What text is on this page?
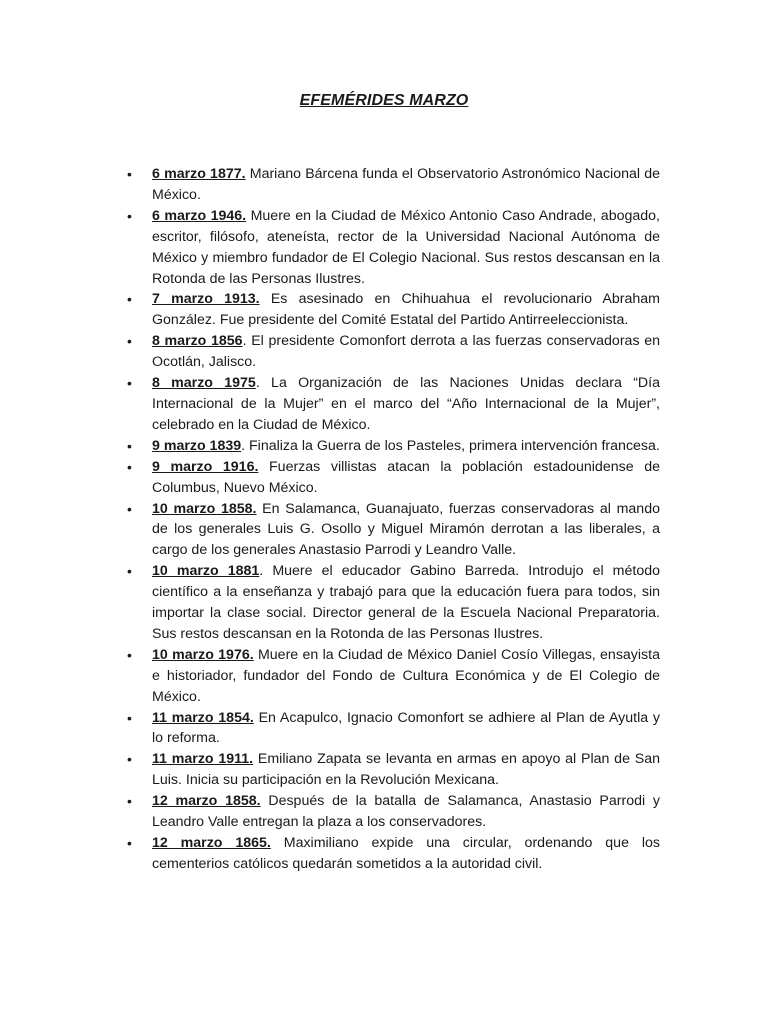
EFEMÉRIDES MARZO
• 6 marzo 1877. Mariano Bárcena funda el Observatorio Astronómico Nacional de México.
• 6 marzo 1946. Muere en la Ciudad de México Antonio Caso Andrade, abogado, escritor, filósofo, ateneísta, rector de la Universidad Nacional Autónoma de México y miembro fundador de El Colegio Nacional. Sus restos descansan en la Rotonda de las Personas Ilustres.
• 7 marzo 1913. Es asesinado en Chihuahua el revolucionario Abraham González. Fue presidente del Comité Estatal del Partido Antirreeleccionista.
• 8 marzo 1856. El presidente Comonfort derrota a las fuerzas conservadoras en Ocotlán, Jalisco.
• 8 marzo 1975. La Organización de las Naciones Unidas declara “Día Internacional de la Mujer” en el marco del “Año Internacional de la Mujer”, celebrado en la Ciudad de México.
• 9 marzo 1839. Finaliza la Guerra de los Pasteles, primera intervención francesa.
• 9 marzo 1916. Fuerzas villistas atacan la población estadounidense de Columbus, Nuevo México.
• 10 marzo 1858. En Salamanca, Guanajuato, fuerzas conservadoras al mando de los generales Luis G. Osollo y Miguel Miramón derrotan a las liberales, a cargo de los generales Anastasio Parrodi y Leandro Valle.
• 10 marzo 1881. Muere el educador Gabino Barreda. Introdujo el método científico a la enseñanza y trabajó para que la educación fuera para todos, sin importar la clase social. Director general de la Escuela Nacional Preparatoria. Sus restos descansan en la Rotonda de las Personas Ilustres.
• 10 marzo 1976. Muere en la Ciudad de México Daniel Cosío Villegas, ensayista e historiador, fundador del Fondo de Cultura Económica y de El Colegio de México.
• 11 marzo 1854. En Acapulco, Ignacio Comonfort se adhiere al Plan de Ayutla y lo reforma.
• 11 marzo 1911. Emiliano Zapata se levanta en armas en apoyo al Plan de San Luis. Inicia su participación en la Revolución Mexicana.
• 12 marzo 1858. Después de la batalla de Salamanca, Anastasio Parrodi y Leandro Valle entregan la plaza a los conservadores.
• 12 marzo 1865. Maximiliano expide una circular, ordenando que los cementerios católicos quedarán sometidos a la autoridad civil.
